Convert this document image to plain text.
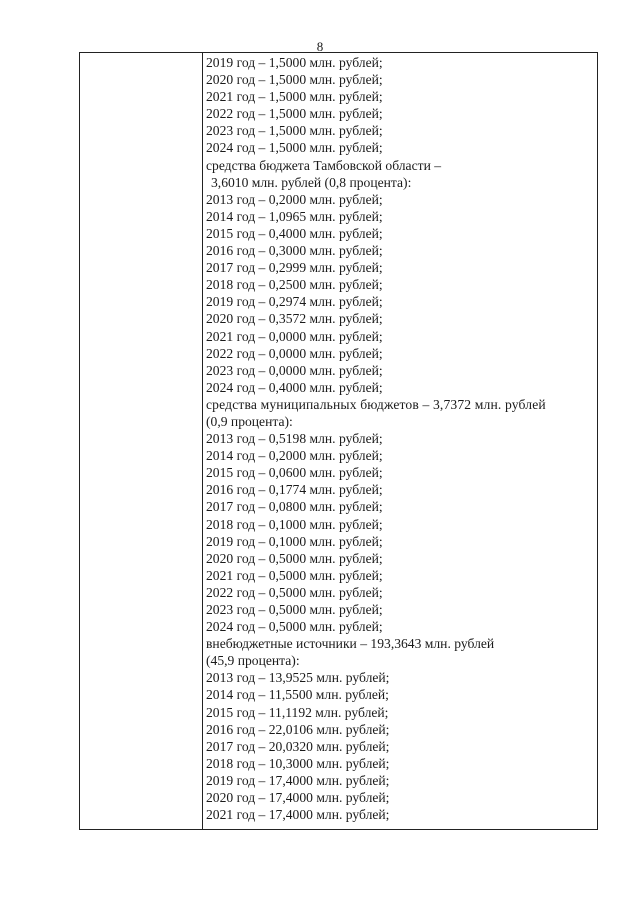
8
2019 год – 1,5000 млн. рублей;
2020 год – 1,5000 млн. рублей;
2021 год – 1,5000 млн. рублей;
2022 год – 1,5000 млн. рублей;
2023 год – 1,5000 млн. рублей;
2024 год – 1,5000 млн. рублей;
средства бюджета Тамбовской области –
3,6010 млн. рублей (0,8 процента):
2013 год – 0,2000 млн. рублей;
2014 год – 1,0965 млн. рублей;
2015 год – 0,4000 млн. рублей;
2016 год – 0,3000 млн. рублей;
2017 год – 0,2999 млн. рублей;
2018 год – 0,2500 млн. рублей;
2019 год – 0,2974 млн. рублей;
2020 год – 0,3572 млн. рублей;
2021 год – 0,0000 млн. рублей;
2022 год – 0,0000 млн. рублей;
2023 год – 0,0000 млн. рублей;
2024 год – 0,4000 млн. рублей;
средства муниципальных бюджетов – 3,7372 млн. рублей
(0,9 процента):
2013 год – 0,5198 млн. рублей;
2014 год – 0,2000 млн. рублей;
2015 год – 0,0600 млн. рублей;
2016 год – 0,1774 млн. рублей;
2017 год – 0,0800 млн. рублей;
2018 год – 0,1000 млн. рублей;
2019 год – 0,1000 млн. рублей;
2020 год – 0,5000 млн. рублей;
2021 год – 0,5000 млн. рублей;
2022 год – 0,5000 млн. рублей;
2023 год – 0,5000 млн. рублей;
2024 год – 0,5000 млн. рублей;
внебюджетные источники – 193,3643 млн. рублей
(45,9 процента):
2013 год – 13,9525 млн. рублей;
2014 год – 11,5500 млн. рублей;
2015 год – 11,1192 млн. рублей;
2016 год – 22,0106 млн. рублей;
2017 год – 20,0320 млн. рублей;
2018 год – 10,3000 млн. рублей;
2019 год – 17,4000 млн. рублей;
2020 год – 17,4000 млн. рублей;
2021 год – 17,4000 млн. рублей;
